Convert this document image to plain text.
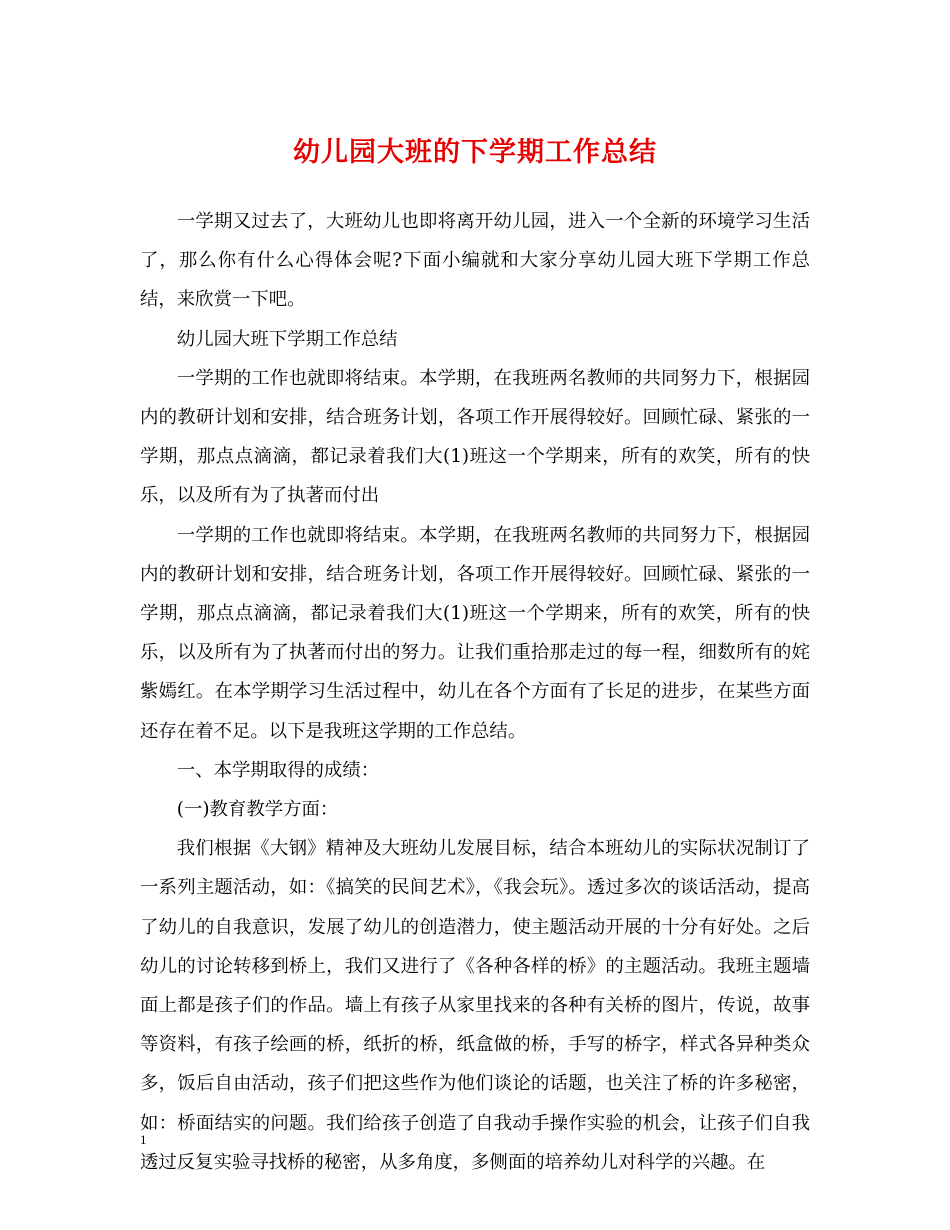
幼儿园大班的下学期工作总结

一学期又过去了，大班幼儿也即将离开幼儿园，进入一个全新的环境学习生活了，那么你有什么心得体会呢?下面小编就和大家分享幼儿园大班下学期工作总结，来欣赏一下吧。

幼儿园大班下学期工作总结

一学期的工作也就即将结束。本学期，在我班两名教师的共同努力下，根据园内的教研计划和安排，结合班务计划，各项工作开展得较好。回顾忙碌、紧张的一学期，那点点滴滴，都记录着我们大(1)班这一个学期来，所有的欢笑，所有的快乐，以及所有为了执著而付出

一学期的工作也就即将结束。本学期，在我班两名教师的共同努力下，根据园内的教研计划和安排，结合班务计划，各项工作开展得较好。回顾忙碌、紧张的一学期，那点点滴滴，都记录着我们大(1)班这一个学期来，所有的欢笑，所有的快乐，以及所有为了执著而付出的努力。让我们重拾那走过的每一程，细数所有的姹紫嫣红。在本学期学习生活过程中，幼儿在各个方面有了长足的进步，在某些方面还存在着不足。以下是我班这学期的工作总结。

一、本学期取得的成绩：

(一)教育教学方面：

我们根据《大钢》精神及大班幼儿发展目标，结合本班幼儿的实际状况制订了一系列主题活动，如：《搞笑的民间艺术》，《我会玩》。透过多次的谈话活动，提高了幼儿的自我意识，发展了幼儿的创造潜力，使主题活动开展的十分有好处。之后幼儿的讨论转移到桥上，我们又进行了《各种各样的桥》的主题活动。我班主题墙面上都是孩子们的作品。墙上有孩子从家里找来的各种有关桥的图片，传说，故事等资料，有孩子绘画的桥，纸折的桥，纸盒做的桥，手写的桥字，样式各异种类众多，饭后自由活动，孩子们把这些作为他们谈论的话题，也关注了桥的许多秘密，如：桥面结实的问题。我们给孩子创造了自我动手操作实验的机会，让孩子们自我透过反复实验寻找桥的秘密，从多角度，多侧面的培养幼儿对科学的兴趣。在

1
